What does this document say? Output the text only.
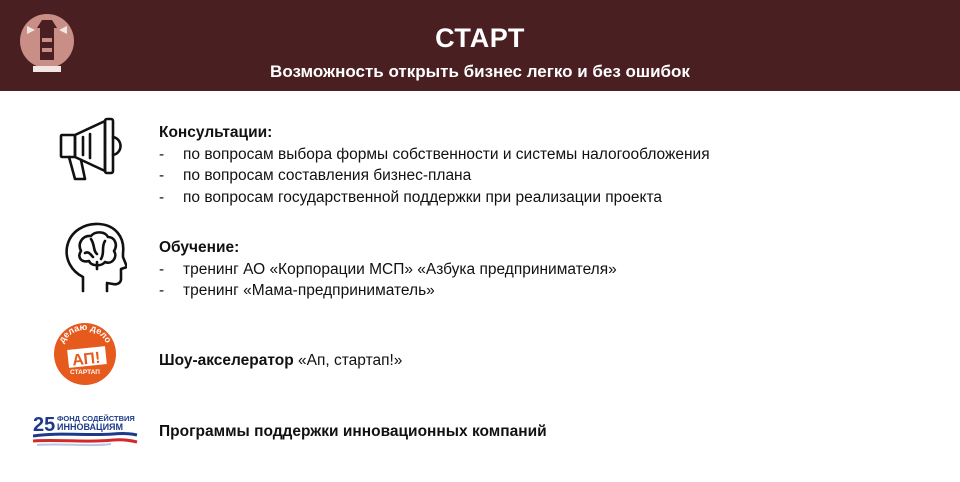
СТАРТ
Возможность открыть бизнес легко и без ошибок
Консультации:
- по вопросам выбора формы собственности и системы налогообложения
- по вопросам составления бизнес-плана
- по вопросам государственной поддержки при реализации проекта
Обучение:
- тренинг АО «Корпорации МСП» «Азбука предпринимателя»
- тренинг «Мама-предприниматель»
делаю дело
АП!
СТАРТАП
Шоу-акселератор «Ап, стартап!»
25 ФОНД СОДЕЙСТВИЯ
ИННОВАЦИЯМ Программы поддержки инновационных компаний
